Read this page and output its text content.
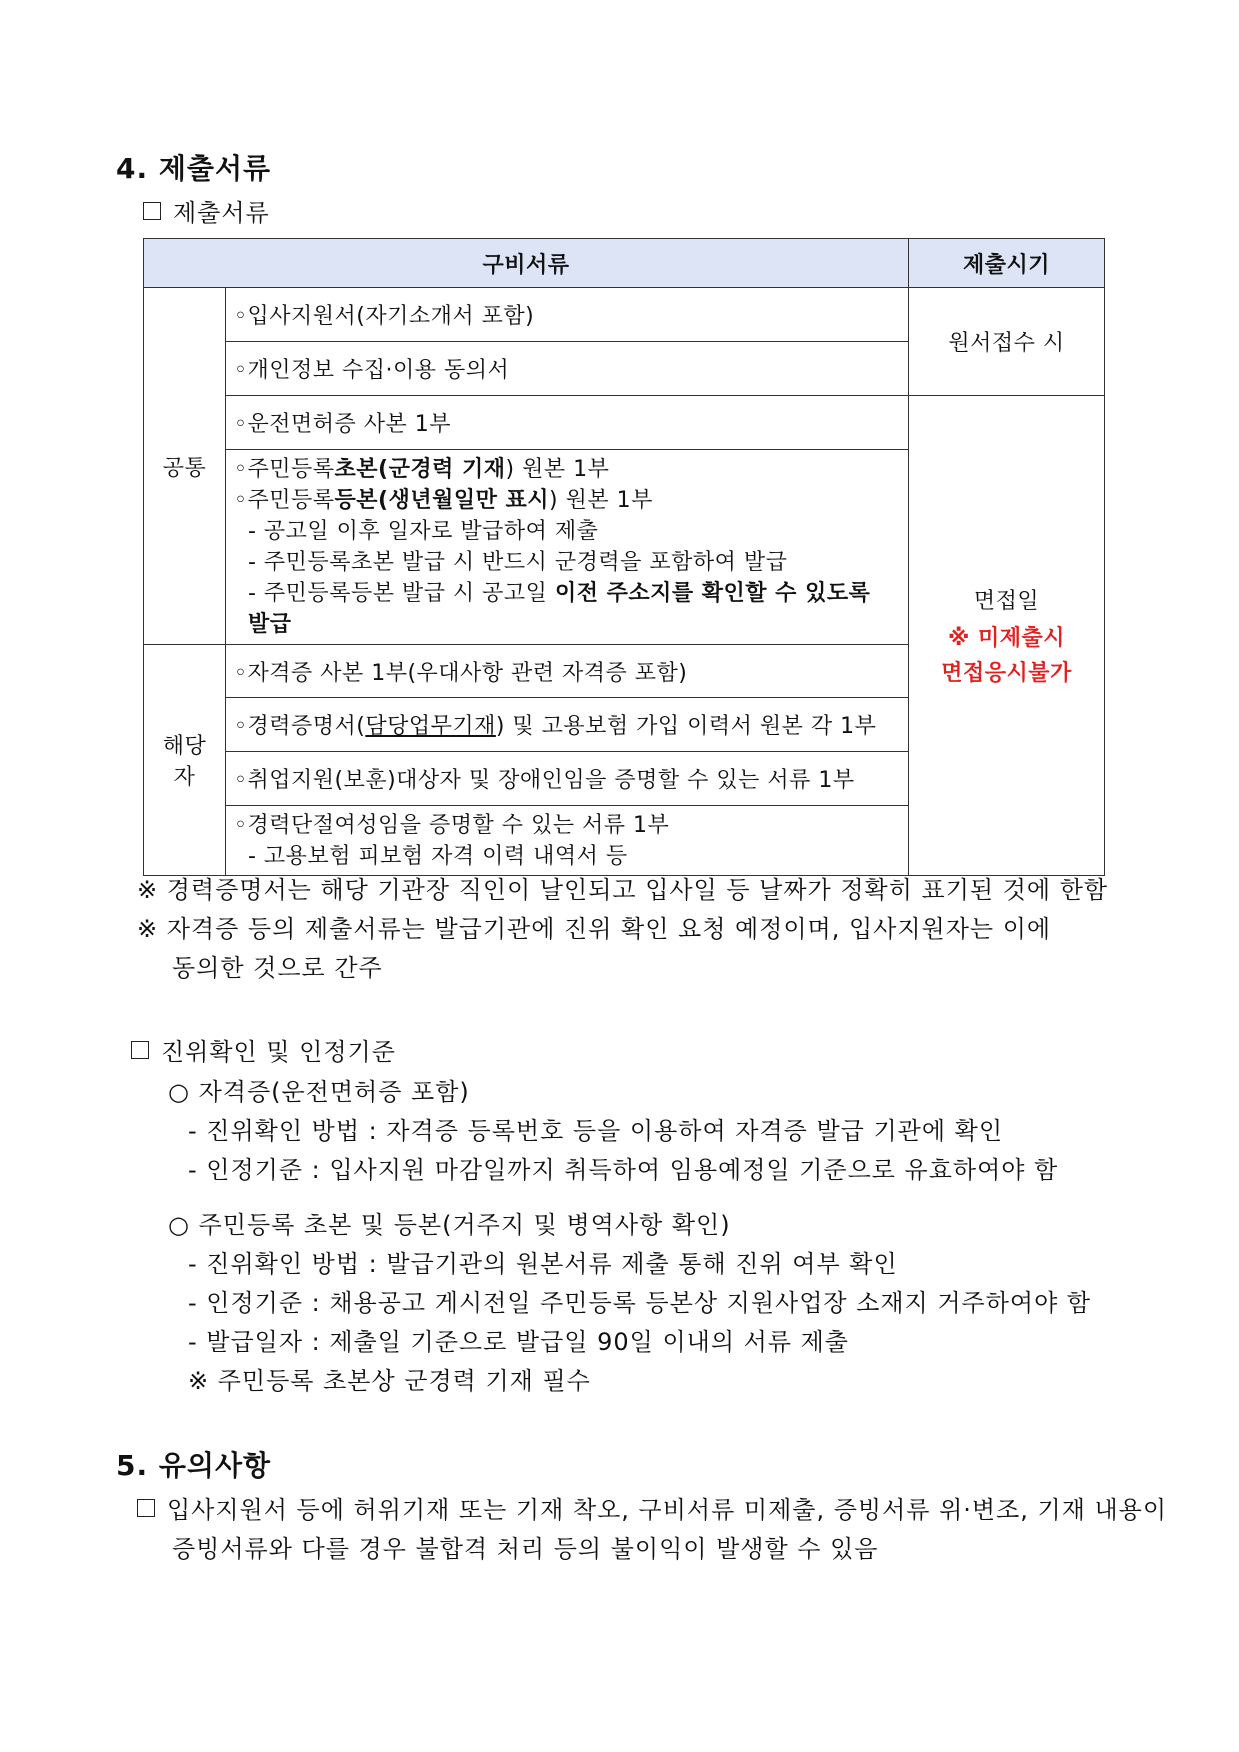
4. 제출서류
제출서류
구비서류		제출시기
공통	◦입사지원서(자기소개서 포함)	원서접수 시
	◦개인정보 수집·이용 동의서	
	◦운전면허증 사본 1부	면접일
※ 미제출시
면접응시불가

	◦주민등록초본(군경력 기재) 원본 1부
◦주민등록등본(생년월일만 표시) 원본 1부
- 공고일 이후 일자로 발급하여 제출
- 주민등록초본 발급 시 반드시 군경력을 포함하여 발급
- 주민등록등본 발급 시 공고일 이전 주소지를 확인할 수 있도록 발급	

해당자	◦자격증 사본 1부(우대사항 관련 자격증 포함)	
	◦경력증명서(담당업무기재) 및 고용보험 가입 이력서 원본 각 1부	
	◦취업지원(보훈)대상자 및 장애인임을 증명할 수 있는 서류 1부	

	◦경력단절여성임을 증명할 수 있는 서류 1부
- 고용보험 피보험 자격 이력 내역서 등	
※ 경력증명서는 해당 기관장 직인이 날인되고 입사일 등 날짜가 정확히 표기된 것에 한함
※ 자격증 등의 제출서류는 발급기관에 진위 확인 요청 예정이며, 입사지원자는 이에
동의한 것으로 간주
진위확인 및 인정기준
○ 자격증(운전면허증 포함)
- 진위확인 방법 : 자격증 등록번호 등을 이용하여 자격증 발급 기관에 확인
- 인정기준 : 입사지원 마감일까지 취득하여 임용예정일 기준으로 유효하여야 함
○ 주민등록 초본 및 등본(거주지 및 병역사항 확인)
- 진위확인 방법 : 발급기관의 원본서류 제출 통해 진위 여부 확인
- 인정기준 : 채용공고 게시전일 주민등록 등본상 지원사업장 소재지 거주하여야 함
- 발급일자 : 제출일 기준으로 발급일 90일 이내의 서류 제출
※ 주민등록 초본상 군경력 기재 필수
5. 유의사항
입사지원서 등에 허위기재 또는 기재 착오, 구비서류 미제출, 증빙서류 위·변조, 기재 내용이
증빙서류와 다를 경우 불합격 처리 등의 불이익이 발생할 수 있음
